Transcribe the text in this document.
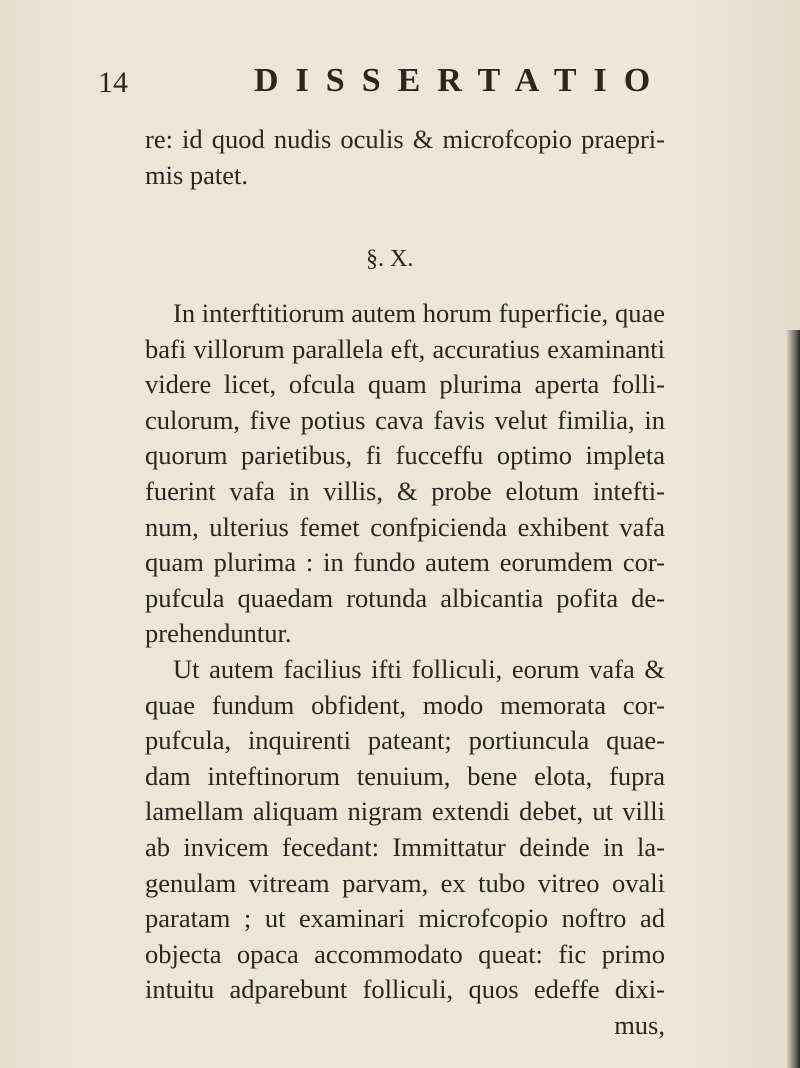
14	DISSERTATIO
re: id quod nudis oculis & microfcopio praepri-
mis patet.
§. X.
In interftitiorum autem horum fuperficie, quae
bafi villorum parallela eft, accuratius examinanti
videre licet, ofcula quam plurima aperta folli-
culorum, five potius cava favis velut fimilia, in
quorum parietibus, fi fucceffu optimo impleta
fuerint vafa in villis, & probe elotum intefti-
num, ulterius femet confpicienda exhibent vafa
quam plurima : in fundo autem eorumdem cor-
pufcula quaedam rotunda albicantia pofita de-
prehenduntur.
Ut autem facilius ifti folliculi, eorum vafa &
quae fundum obfident, modo memorata cor-
pufcula, inquirenti pateant; portiuncula quae-
dam inteftinorum tenuium, bene elota, fupra
lamellam aliquam nigram extendi debet, ut villi
ab invicem fecedant: Immittatur deinde in la-
genulam vitream parvam, ex tubo vitreo ovali
paratam ; ut examinari microfcopio noftro ad
objecta opaca accommodato queat: fic primo
intuitu adparebunt folliculi, quos edeffe dixi-
mus,
